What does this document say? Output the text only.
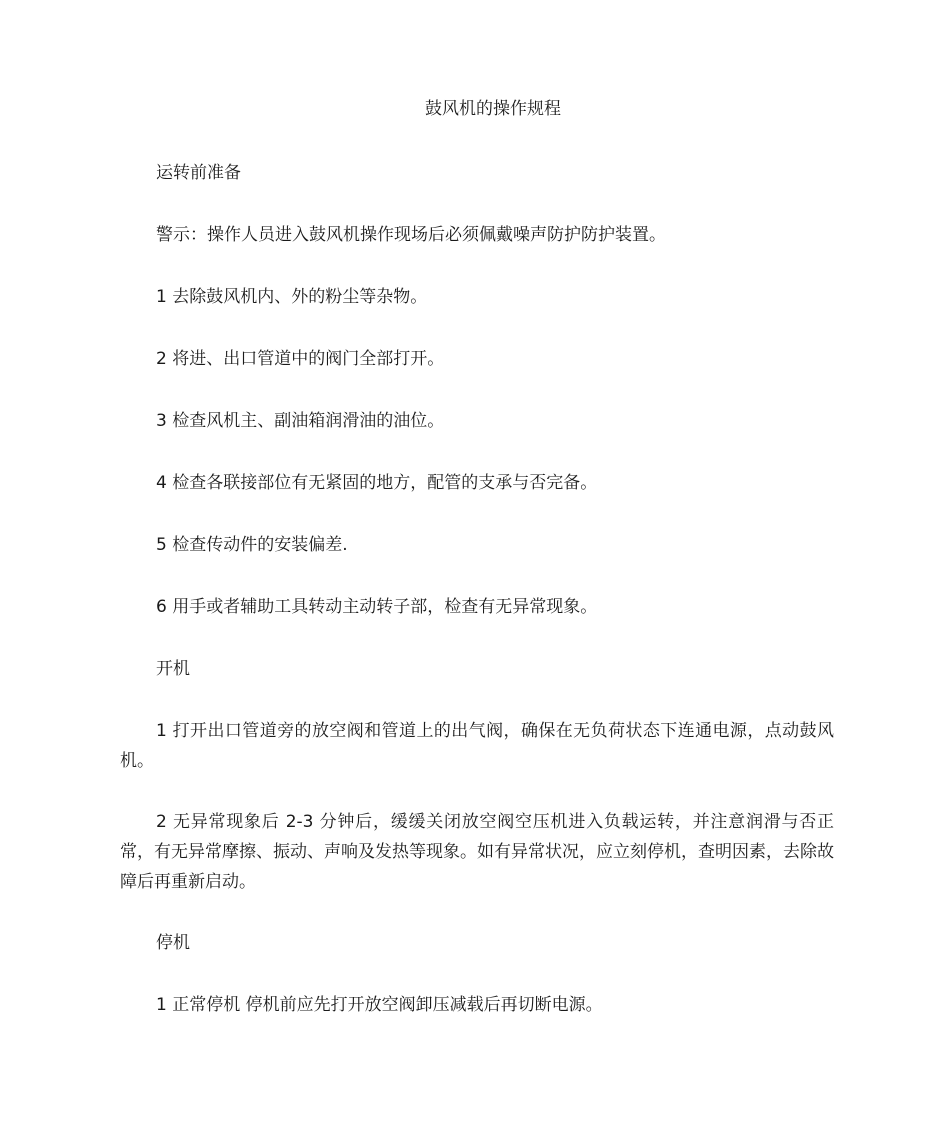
鼓风机的操作规程

运转前准备

警示：操作人员进入鼓风机操作现场后必须佩戴噪声防护防护装置。

1 去除鼓风机内、外的粉尘等杂物。

2 将进、出口管道中的阀门全部打开。

3 检查风机主、副油箱润滑油的油位。

4 检查各联接部位有无紧固的地方，配管的支承与否完备。

5 检查传动件的安装偏差.

6 用手或者辅助工具转动主动转子部，检查有无异常现象。

开机

1 打开出口管道旁的放空阀和管道上的出气阀，确保在无负荷状态下连通电源，点动鼓风机。

2 无异常现象后 2-3 分钟后，缓缓关闭放空阀空压机进入负载运转，并注意润滑与否正常，有无异常摩擦、振动、声响及发热等现象。如有异常状况，应立刻停机，查明因素，去除故障后再重新启动。

停机

1 正常停机 停机前应先打开放空阀卸压减载后再切断电源。
